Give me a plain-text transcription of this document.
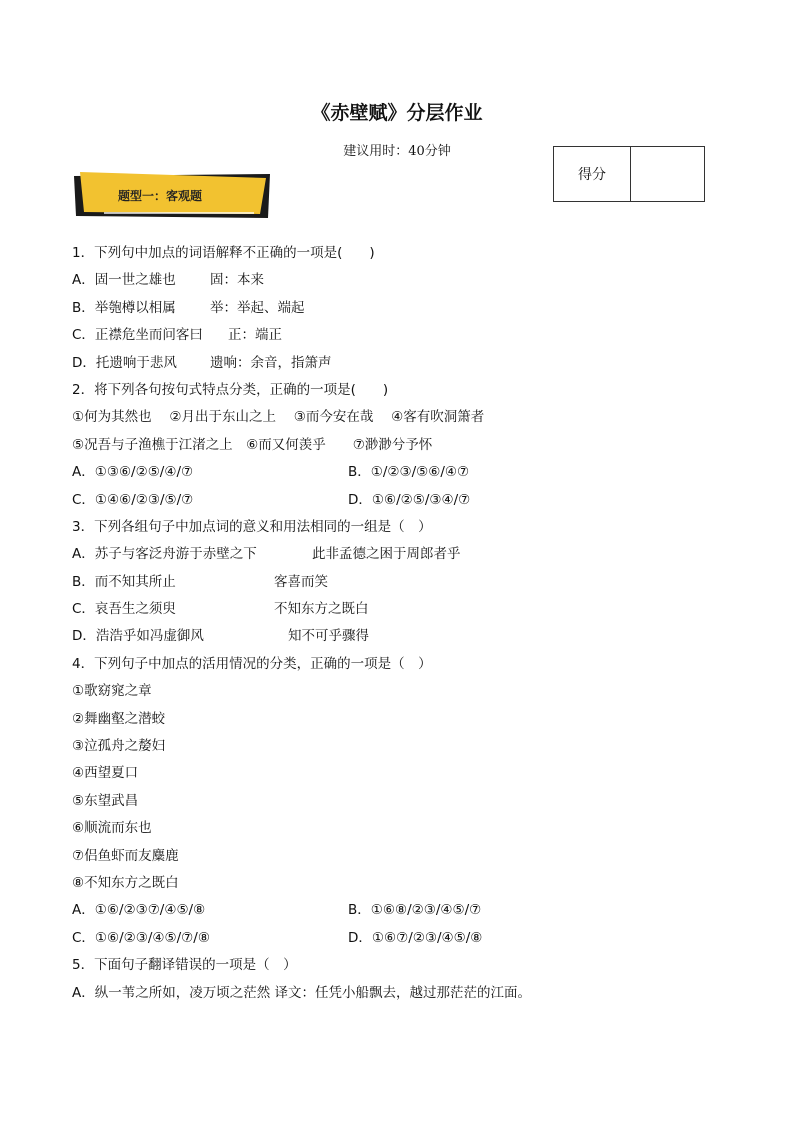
《赤壁赋》分层作业
建议用时：40分钟
得分
题型一：客观题
1．下列句中加点的词语解释不正确的一项是(　　)
A．固一世之雄也	固：本来
B．举匏樽以相属	举：举起、端起
C．正襟危坐而问客曰 正：端正
D．托遗响于悲风 遗响：余音，指箫声
2．将下列各句按句式特点分类，正确的一项是(　　)
①何为其然也　 ②月出于东山之上　 ③而今安在哉　 ④客有吹洞箫者
⑤况吾与子渔樵于江渚之上　⑥而又何羡乎　　⑦渺渺兮予怀
A．①③⑥/②⑤/④/⑦	B．①/②③/⑤⑥/④⑦
C．①④⑥/②③/⑤/⑦	D．①⑥/②⑤/③④/⑦
3．下列各组句子中加点词的意义和用法相同的一组是（　）
A．苏子与客泛舟游于赤壁之下	此非孟德之困于周郎者乎
B．而不知其所止	客喜而笑
C．哀吾生之须臾	不知东方之既白
D．浩浩乎如冯虚御风	知不可乎骤得
4．下列句子中加点的活用情况的分类，正确的一项是（　）
①歌窈窕之章
②舞幽壑之潜蛟
③泣孤舟之嫠妇
④西望夏口
⑤东望武昌
⑥顺流而东也
⑦侣鱼虾而友麋鹿
⑧不知东方之既白
A．①⑥/②③⑦/④⑤/⑧	B．①⑥⑧/②③/④⑤/⑦
C．①⑥/②③/④⑤/⑦/⑧	D．①⑥⑦/②③/④⑤/⑧
5．下面句子翻译错误的一项是（　）
A．纵一苇之所如，凌万顷之茫然 译文：任凭小船飘去，越过那茫茫的江面。
